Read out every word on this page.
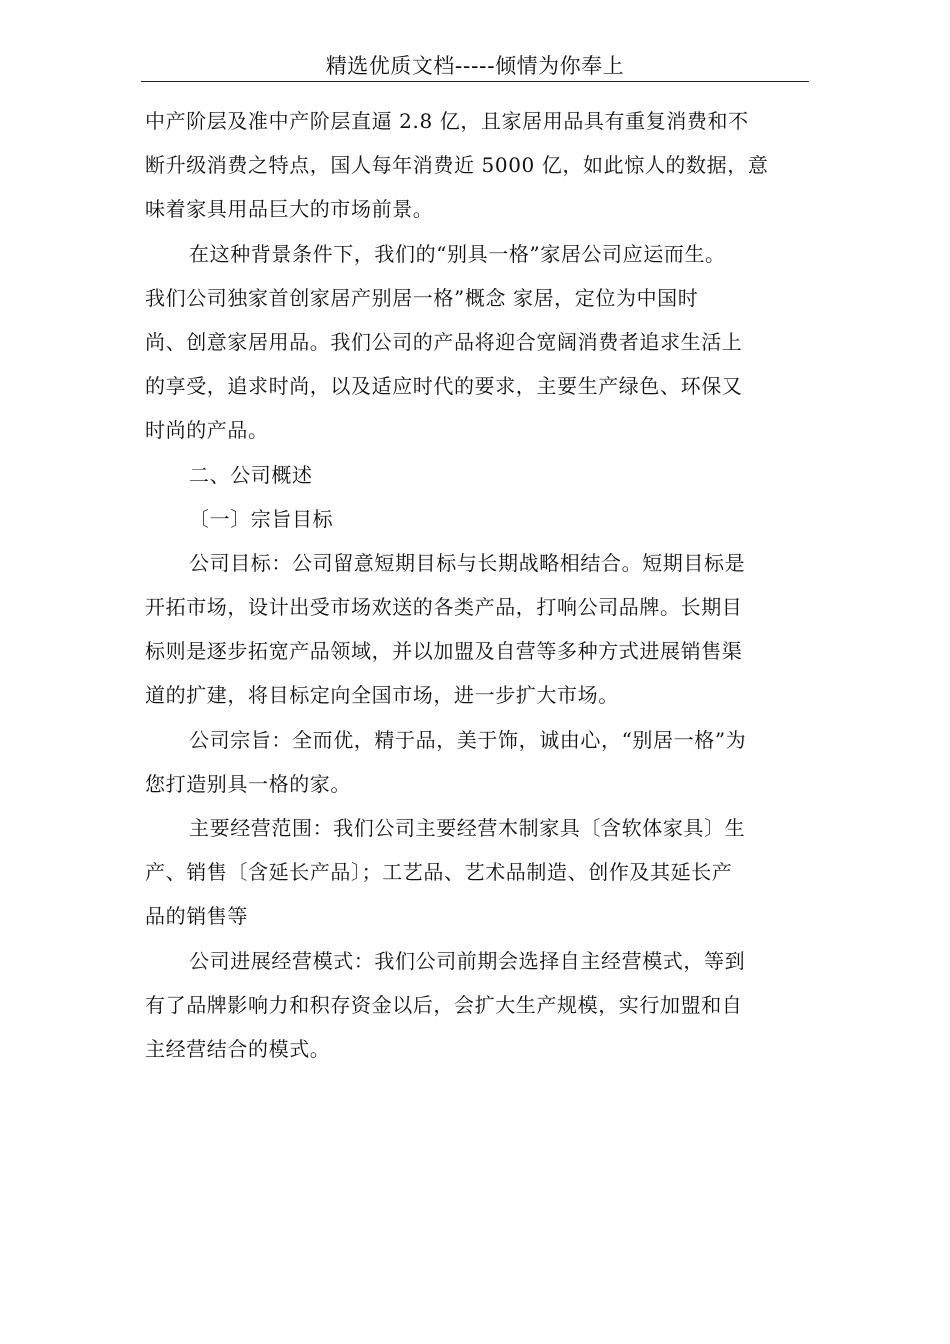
精选优质文档-----倾情为你奉上
中产阶层及准中产阶层直逼 2.8 亿，且家居用品具有重复消费和不
断升级消费之特点，国人每年消费近 5000 亿，如此惊人的数据，意
味着家具用品巨大的市场前景。
在这种背景条件下，我们的“别具一格”家居公司应运而生。
我们公司独家首创家居产别居一格”概念 家居，定位为中国时
尚、创意家居用品。我们公司的产品将迎合宽阔消费者追求生活上
的享受，追求时尚，以及适应时代的要求，主要生产绿色、环保又
时尚的产品。
二、公司概述
〔一〕宗旨目标
公司目标：公司留意短期目标与长期战略相结合。短期目标是
开拓市场，设计出受市场欢送的各类产品，打响公司品牌。长期目
标则是逐步拓宽产品领域，并以加盟及自营等多种方式进展销售渠
道的扩建，将目标定向全国市场，进一步扩大市场。
公司宗旨：全而优，精于品，美于饰，诚由心，“别居一格”为
您打造别具一格的家。
主要经营范围：我们公司主要经营木制家具〔含软体家具〕生
产、销售〔含延长产品〕；工艺品、艺术品制造、创作及其延长产
品的销售等
公司进展经营模式：我们公司前期会选择自主经营模式，等到
有了品牌影响力和积存资金以后，会扩大生产规模，实行加盟和自
主经营结合的模式。
